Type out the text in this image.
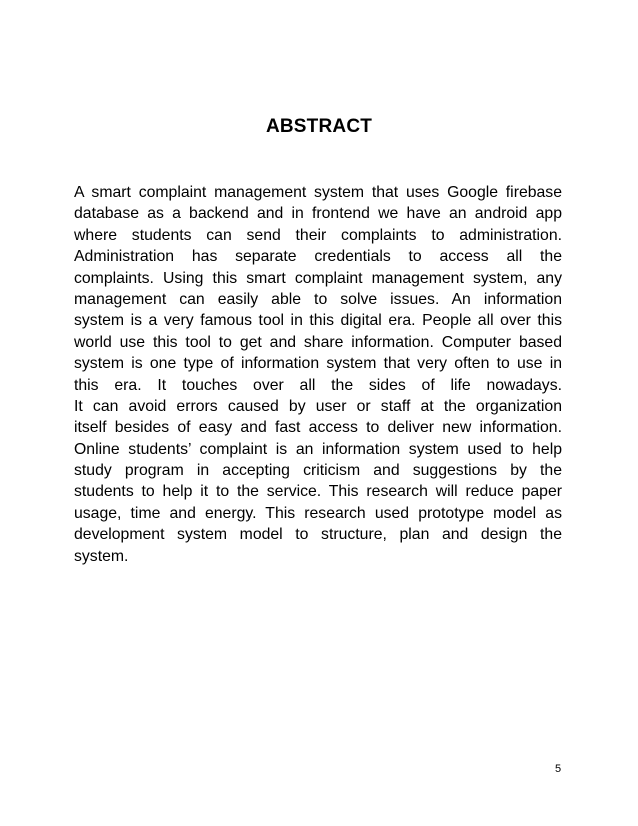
ABSTRACT
A smart complaint management system that uses Google firebase
database as a backend and in frontend we have an android app
where students can send their complaints to administration.
Administration has separate credentials to access all the
complaints. Using this smart complaint management system, any
management can easily able to solve issues. An information
system is a very famous tool in this digital era. People all over this
world use this tool to get and share information. Computer based
system is one type of information system that very often to use in
this era. It touches over all the sides of life nowadays.
It can avoid errors caused by user or staff at the organization
itself besides of easy and fast access to deliver new information.
Online students’ complaint is an information system used to help
study program in accepting criticism and suggestions by the
students to help it to the service. This research will reduce paper
usage, time and energy. This research used prototype model as
development system model to structure, plan and design the
system.
5
